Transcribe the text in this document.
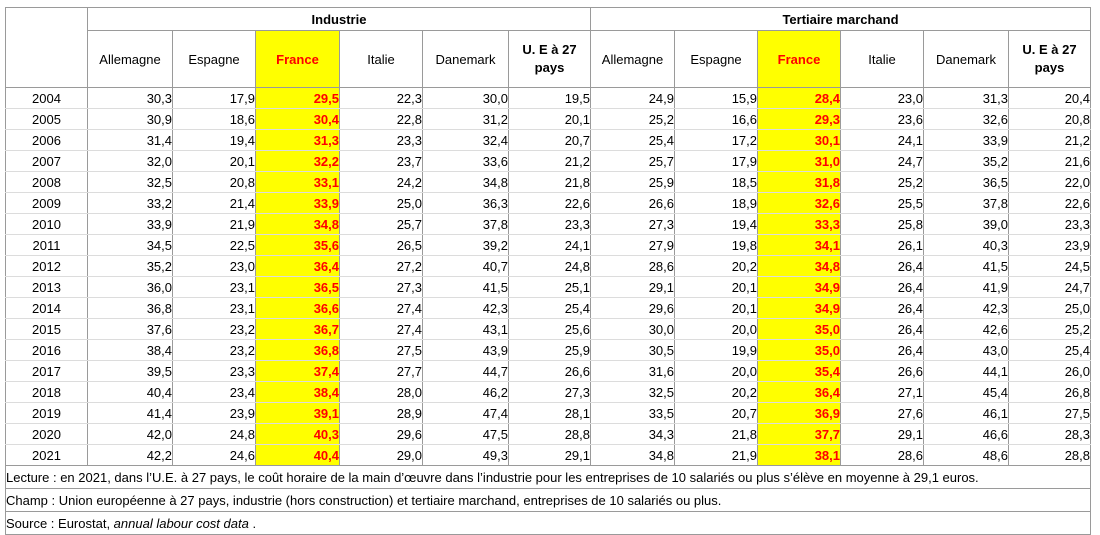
	Industrie						Tertiaire marchand					
	Allemagne	Espagne	France	Italie	Danemark	U. E à 27 pays	Allemagne	Espagne	France	Italie	Danemark	U. E à 27 pays
2004	30,3	17,9	29,5	22,3	30,0	19,5	24,9	15,9	28,4	23,0	31,3	20,4
2005	30,9	18,6	30,4	22,8	31,2	20,1	25,2	16,6	29,3	23,6	32,6	20,8
2006	31,4	19,4	31,3	23,3	32,4	20,7	25,4	17,2	30,1	24,1	33,9	21,2
2007	32,0	20,1	32,2	23,7	33,6	21,2	25,7	17,9	31,0	24,7	35,2	21,6
2008	32,5	20,8	33,1	24,2	34,8	21,8	25,9	18,5	31,8	25,2	36,5	22,0
2009	33,2	21,4	33,9	25,0	36,3	22,6	26,6	18,9	32,6	25,5	37,8	22,6
2010	33,9	21,9	34,8	25,7	37,8	23,3	27,3	19,4	33,3	25,8	39,0	23,3
2011	34,5	22,5	35,6	26,5	39,2	24,1	27,9	19,8	34,1	26,1	40,3	23,9
2012	35,2	23,0	36,4	27,2	40,7	24,8	28,6	20,2	34,8	26,4	41,5	24,5
2013	36,0	23,1	36,5	27,3	41,5	25,1	29,1	20,1	34,9	26,4	41,9	24,7
2014	36,8	23,1	36,6	27,4	42,3	25,4	29,6	20,1	34,9	26,4	42,3	25,0
2015	37,6	23,2	36,7	27,4	43,1	25,6	30,0	20,0	35,0	26,4	42,6	25,2
2016	38,4	23,2	36,8	27,5	43,9	25,9	30,5	19,9	35,0	26,4	43,0	25,4
2017	39,5	23,3	37,4	27,7	44,7	26,6	31,6	20,0	35,4	26,6	44,1	26,0
2018	40,4	23,4	38,4	28,0	46,2	27,3	32,5	20,2	36,4	27,1	45,4	26,8
2019	41,4	23,9	39,1	28,9	47,4	28,1	33,5	20,7	36,9	27,6	46,1	27,5
2020	42,0	24,8	40,3	29,6	47,5	28,8	34,3	21,8	37,7	29,1	46,6	28,3
2021	42,2	24,6	40,4	29,0	49,3	29,1	34,8	21,9	38,1	28,6	48,6	28,8
Lecture : en 2021, dans l’U.E. à 27 pays, le coût horaire de la main d’œuvre dans l’industrie pour les entreprises de 10 salariés ou plus s’élève en moyenne à 29,1 euros.												
Champ : Union européenne à 27 pays, industrie (hors construction) et tertiaire marchand, entreprises de 10 salariés ou plus.												
Source : Eurostat, annual labour cost data .												
